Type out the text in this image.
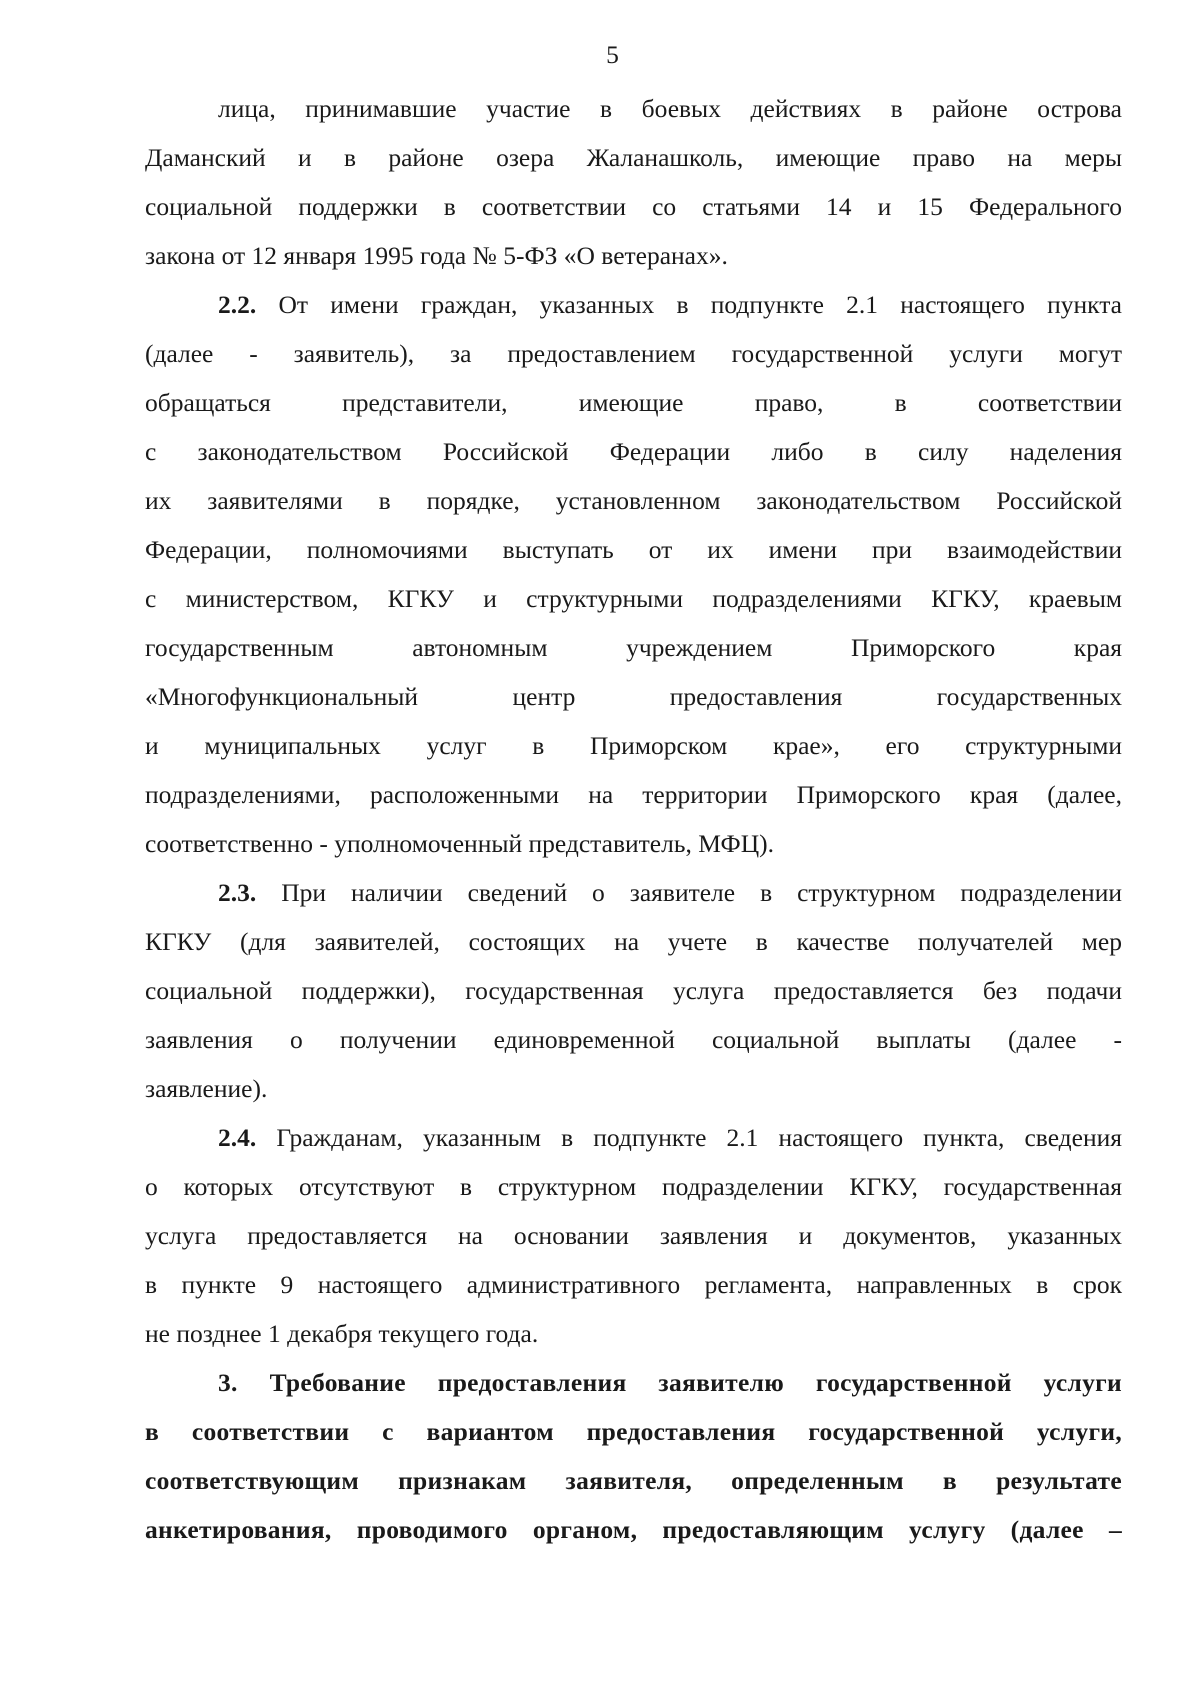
5
лица, принимавшие участие в боевых действиях в районе острова
Даманский и в районе озера Жаланашколь, имеющие право на меры
социальной поддержки в соответствии со статьями 14 и 15 Федерального
закона от 12 января 1995 года № 5-ФЗ «О ветеранах».
2.2. От имени граждан, указанных в подпункте 2.1 настоящего пункта
(далее - заявитель), за предоставлением государственной услуги могут
обращаться представители, имеющие право, в соответствии
с законодательством Российской Федерации либо в силу наделения
их заявителями в порядке, установленном законодательством Российской
Федерации, полномочиями выступать от их имени при взаимодействии
с министерством, КГКУ и структурными подразделениями КГКУ, краевым
государственным автономным учреждением Приморского края
«Многофункциональный центр предоставления государственных
и муниципальных услуг в Приморском крае», его структурными
подразделениями, расположенными на территории Приморского края (далее,
соответственно - уполномоченный представитель, МФЦ).
2.3. При наличии сведений о заявителе в структурном подразделении
КГКУ (для заявителей, состоящих на учете в качестве получателей мер
социальной поддержки), государственная услуга предоставляется без подачи
заявления о получении единовременной социальной выплаты (далее -
заявление).
2.4. Гражданам, указанным в подпункте 2.1 настоящего пункта, сведения
о которых отсутствуют в структурном подразделении КГКУ, государственная
услуга предоставляется на основании заявления и документов, указанных
в пункте 9 настоящего административного регламента, направленных в срок
не позднее 1 декабря текущего года.
3. Требование предоставления заявителю государственной услуги
в соответствии с вариантом предоставления государственной услуги,
соответствующим признакам заявителя, определенным в результате
анкетирования, проводимого органом, предоставляющим услугу (далее –
